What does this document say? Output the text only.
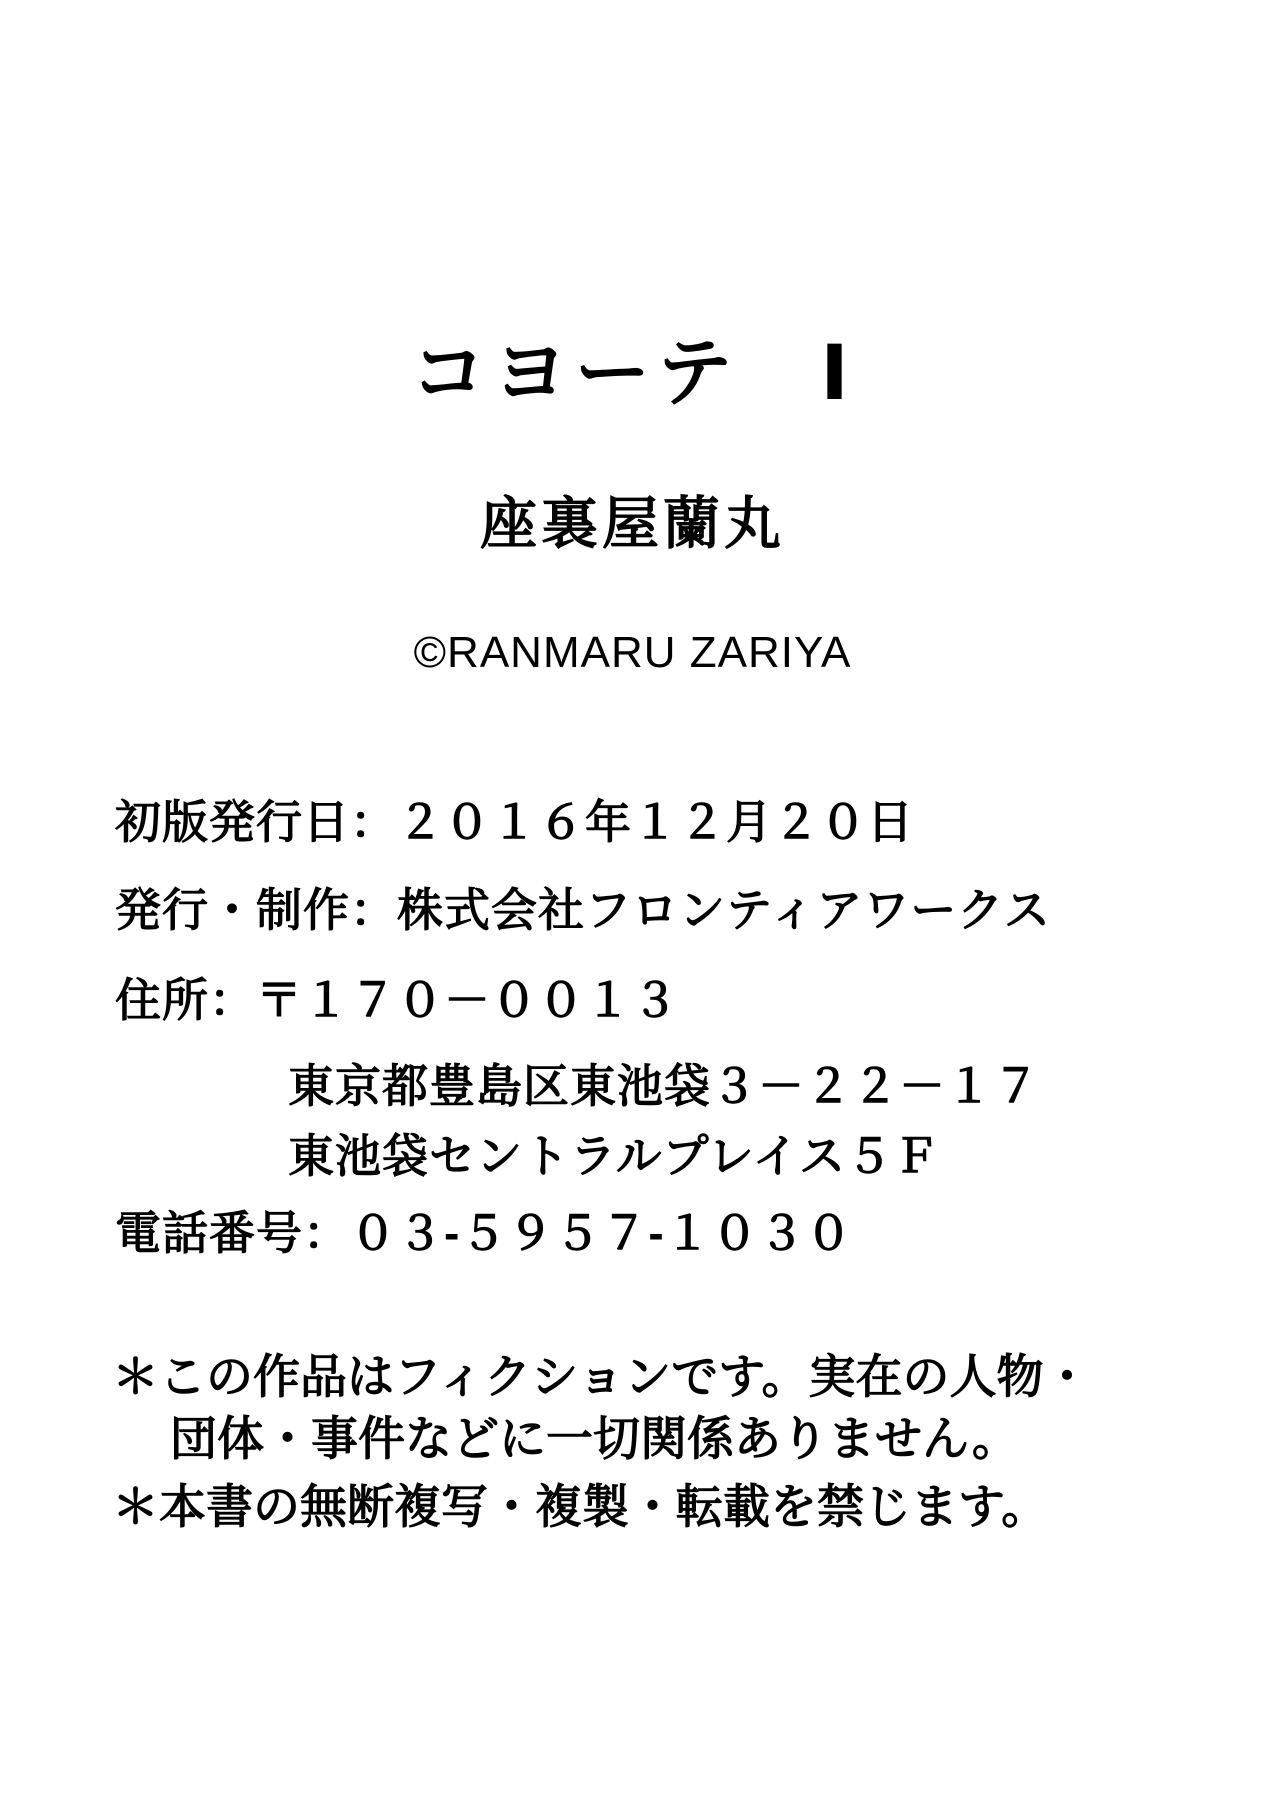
コヨーテ　Ⅰ
座裏屋蘭丸
©RANMARU ZARIYA
初版発行日：２０１６年１２月２０日
発行・制作：株式会社フロンティアワークス
住所：〒１７０－００１３
東京都豊島区東池袋３－２２－１７
東池袋セントラルプレイス５Ｆ
電話番号：０３-５９５７-１０３０
＊この作品はフィクションです。実在の人物・
団体・事件などに一切関係ありません。
＊本書の無断複写・複製・転載を禁じます。
